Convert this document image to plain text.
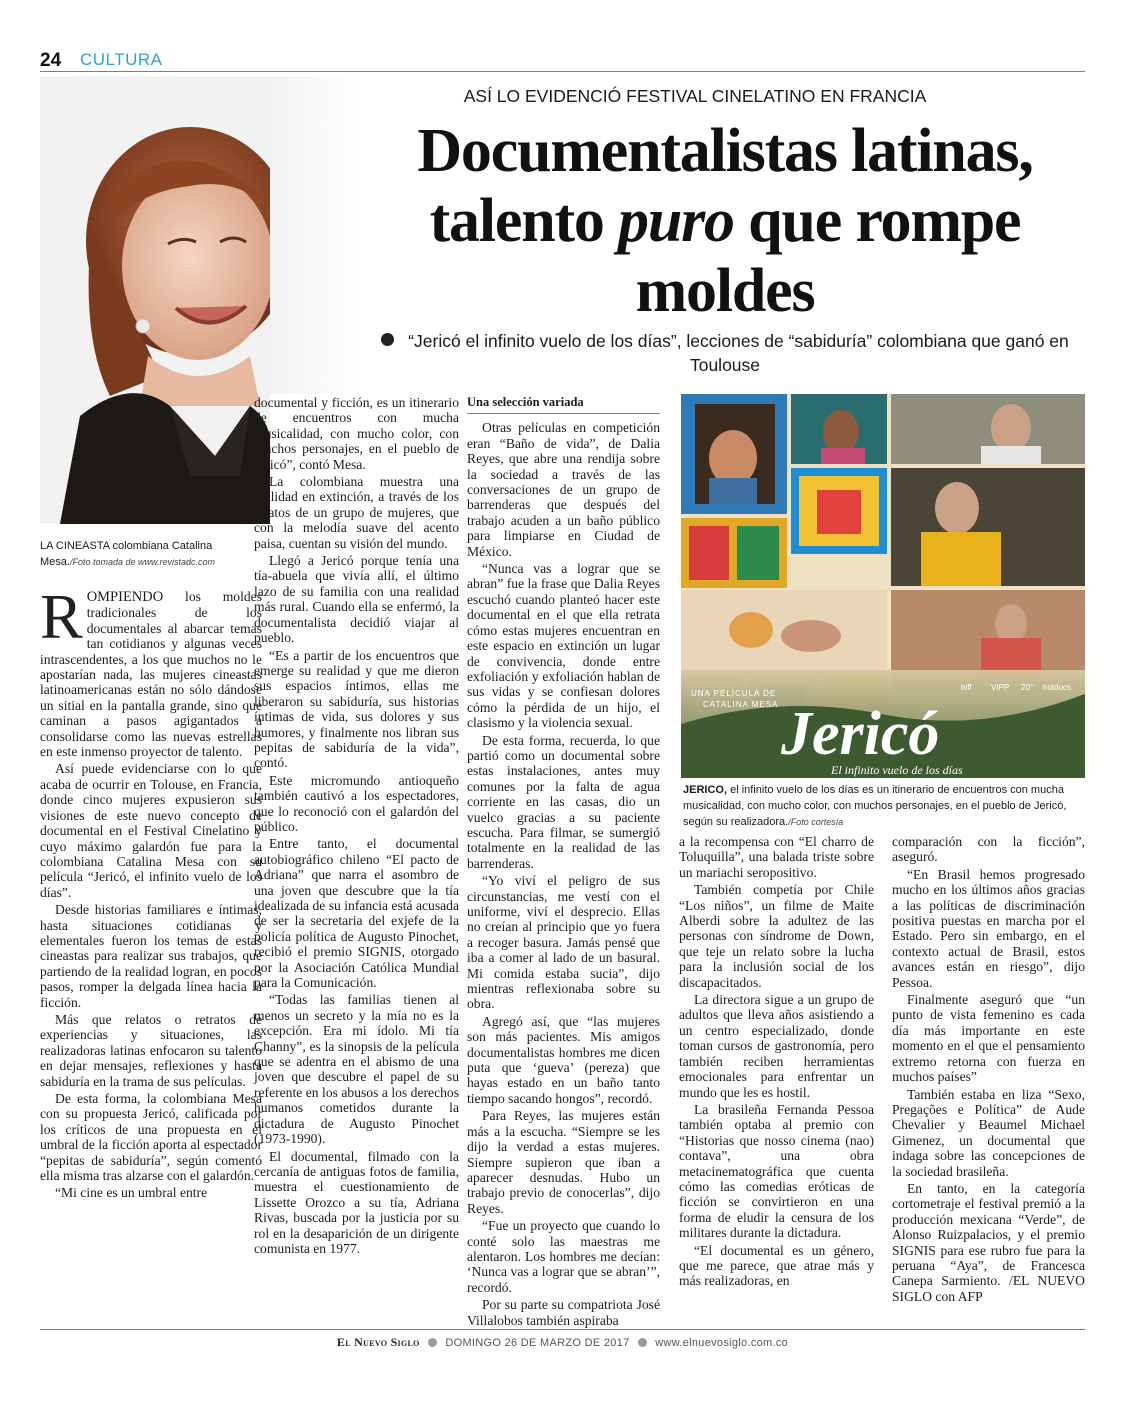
24 CULTURA
LA CINEASTA colombiana Catalina Mesa./Foto tomada de www.revistadc.com
ASÍ LO EVIDENCIÓ FESTIVAL CINELATINO EN FRANCIA
Documentalistas latinas,
talento puro que rompe
moldes
“Jericó el infinito vuelo de los días”, lecciones de “sabiduría” colombiana que ganó en Toulouse

ROMPIENDO los moldes tradicionales de los documentales al abarcar temas tan cotidianos y algunas veces intrascendentes, a los que muchos no le apostarían nada, las mujeres cineastas latinoamericanas están no sólo dándose un sitial en la pantalla grande, sino que caminan a pasos agigantados a consolidarse como las nuevas estrellas en este inmenso proyector de talento.

Así puede evidenciarse con lo que acaba de ocurrir en Tolouse, en Francia, donde cinco mujeres expusieron sus visiones de este nuevo concepto de documental en el Festival Cinelatino y cuyo máximo galardón fue para la colombiana Catalina Mesa con su película “Jericó, el infinito vuelo de los días”.

Desde historias familiares e íntimas, hasta situaciones cotidianas y elementales fueron los temas de estas cineastas para realizar sus trabajos, que partiendo de la realidad logran, en pocos pasos, romper la delgada línea hacia la ficción.

Más que relatos o retratos de experiencias y situaciones, las realizadoras latinas enfocaron su talento en dejar mensajes, reflexiones y hasta sabiduría en la trama de sus películas.

De esta forma, la colombiana Mesa con su propuesta Jericó, calificada por los críticos de una propuesta en el umbral de la ficción aporta al espectador “pepitas de sabiduría”, según comentó ella misma tras alzarse con el galardón.

“Mi cine es un umbral entre

documental y ficción, es un itinerario de encuentros con mucha musicalidad, con mucho color, con muchos personajes, en el pueblo de Jericó”, contó Mesa.

La colombiana muestra una realidad en extinción, a través de los relatos de un grupo de mujeres, que con la melodía suave del acento paisa, cuentan su visión del mundo.

Llegó a Jericó porque tenía una tía-abuela que vivía allí, el último lazo de su familia con una realidad más rural. Cuando ella se enfermó, la documentalista decidió viajar al pueblo.

“Es a partir de los encuentros que emerge su realidad y que me dieron sus espacios íntimos, ellas me liberaron su sabiduría, sus historias íntimas de vida, sus dolores y sus humores, y finalmente nos libran sus pepitas de sabiduría de la vida”, contó.

Este micromundo antioqueño también cautivó a los espectadores, que lo reconoció con el galardón del público.

Entre tanto, el documental autobiográfico chileno “El pacto de Adriana” que narra el asombro de una joven que descubre que la tía idealizada de su infancia está acusada de ser la secretaria del exjefe de la policía política de Augusto Pinochet, recibió el premio SIGNIS, otorgado por la Asociación Católica Mundial para la Comunicación.

“Todas las familias tienen al menos un secreto y la mía no es la excepción. Era mi ídolo. Mi tía Channy”, es la sinopsis de la película que se adentra en el abismo de una joven que descubre el papel de su referente en los abusos a los derechos humanos cometidos durante la dictadura de Augusto Pinochet (1973-1990).

El documental, filmado con la cercanía de antiguas fotos de familia, muestra el cuestionamiento de Lissette Orozco a su tía, Adriana Rivas, buscada por la justicia por su rol en la desaparición de un dirigente comunista en 1977.

Una selección variada

Otras películas en competición eran “Baño de vida”, de Dalia Reyes, que abre una rendija sobre la sociedad a través de las conversaciones de un grupo de barrenderas que después del trabajo acuden a un baño público para limpiarse en Ciudad de México.

“Nunca vas a lograr que se abran” fue la frase que Dalia Reyes escuchó cuando planteó hacer este documental en el que ella retrata cómo estas mujeres encuentran en este espacio en extinción un lugar de convivencia, donde entre exfoliación y exfoliación hablan de sus vidas y se confiesan dolores cómo la pérdida de un hijo, el clasismo y la violencia sexual.

De esta forma, recuerda, lo que partió como un documental sobre estas instalaciones, antes muy comunes por la falta de agua corriente en las casas, dio un vuelco gracias a su paciente escucha. Para filmar, se sumergió totalmente en la realidad de las barrenderas.

“Yo viví el peligro de sus circunstancias, me vestí con el uniforme, viví el desprecio. Ellas no creían al principio que yo fuera a recoger basura. Jamás pensé que iba a comer al lado de un basural. Mi comida estaba sucia”, dijo mientras reflexionaba sobre su obra.

Agregó así, que “las mujeres son más pacientes. Mis amigos documentalistas hombres me dicen puta que ‘gueva’ (pereza) que hayas estado en un baño tanto tiempo sacando hongos”, recordó.

Para Reyes, las mujeres están más a la escucha. “Siempre se les dijo la verdad a estas mujeres. Siempre supieron que iban a aparecer desnudas. Hubo un trabajo previo de conocerlas”, dijo Reyes.

“Fue un proyecto que cuando lo conté solo las maestras me alentaron. Los hombres me decían: ‘Nunca vas a lograr que se abran’”, recordó.

Por su parte su compatriota José Villalobos también aspiraba

UNA PELÍCULA DE
CATALINA MESA
biff VIPP 20° hotdocs
Jericó
El infinito vuelo de los días
JERICO, el infinito vuelo de los días es un itinerario de encuentros con mucha musicalidad, con mucho color, con muchos personajes, en el pueblo de Jericó, según su realizadora./Foto cortesía

a la recompensa con “El charro de Toluquilla”, una balada triste sobre un mariachi seropositivo.

También competía por Chile “Los niños”, un filme de Maite Alberdi sobre la adultez de las personas con síndrome de Down, que teje un relato sobre la lucha para la inclusión social de los discapacitados.

La directora sigue a un grupo de adultos que lleva años asistiendo a un centro especializado, donde toman cursos de gastronomía, pero también reciben herramientas emocionales para enfrentar un mundo que les es hostil.

La brasileña Fernanda Pessoa también optaba al premio con “Historias que nosso cinema (nao) contava”, una obra metacinematográfica que cuenta cómo las comedias eróticas de ficción se convirtieron en una forma de eludir la censura de los militares durante la dictadura.

“El documental es un género, que me parece, que atrae más y más realizadoras, en

comparación con la ficción”, aseguró.

“En Brasil hemos progresado mucho en los últimos años gracias a las políticas de discriminación positiva puestas en marcha por el Estado. Pero sin embargo, en el contexto actual de Brasil, estos avances están en riesgo”, dijo Pessoa.

Finalmente aseguró que “un punto de vista femenino es cada día más importante en este momento en el que el pensamiento extremo retorna con fuerza en muchos países”

También estaba en liza “Sexo, Pregações e Política” de Aude Chevalier y Beaumel Michael Gimenez, un documental que indaga sobre las concepciones de la sociedad brasileña.

En tanto, en la categoría cortometraje el festival premió a la producción mexicana “Verde”, de Alonso Ruizpalacios, y el premio SIGNIS para ese rubro fue para la peruana “Aya”, de Francesca Canepa Sarmiento. /EL NUEVO SIGLO con AFP

El Nuevo Siglo DOMINGO 26 DE MARZO DE 2017 www.elnuevosiglo.com.co
